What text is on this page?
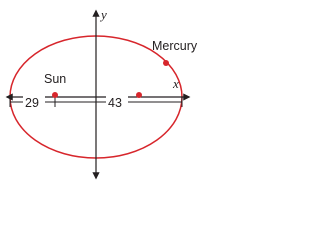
y
x
29	43
Sun
Mercury
